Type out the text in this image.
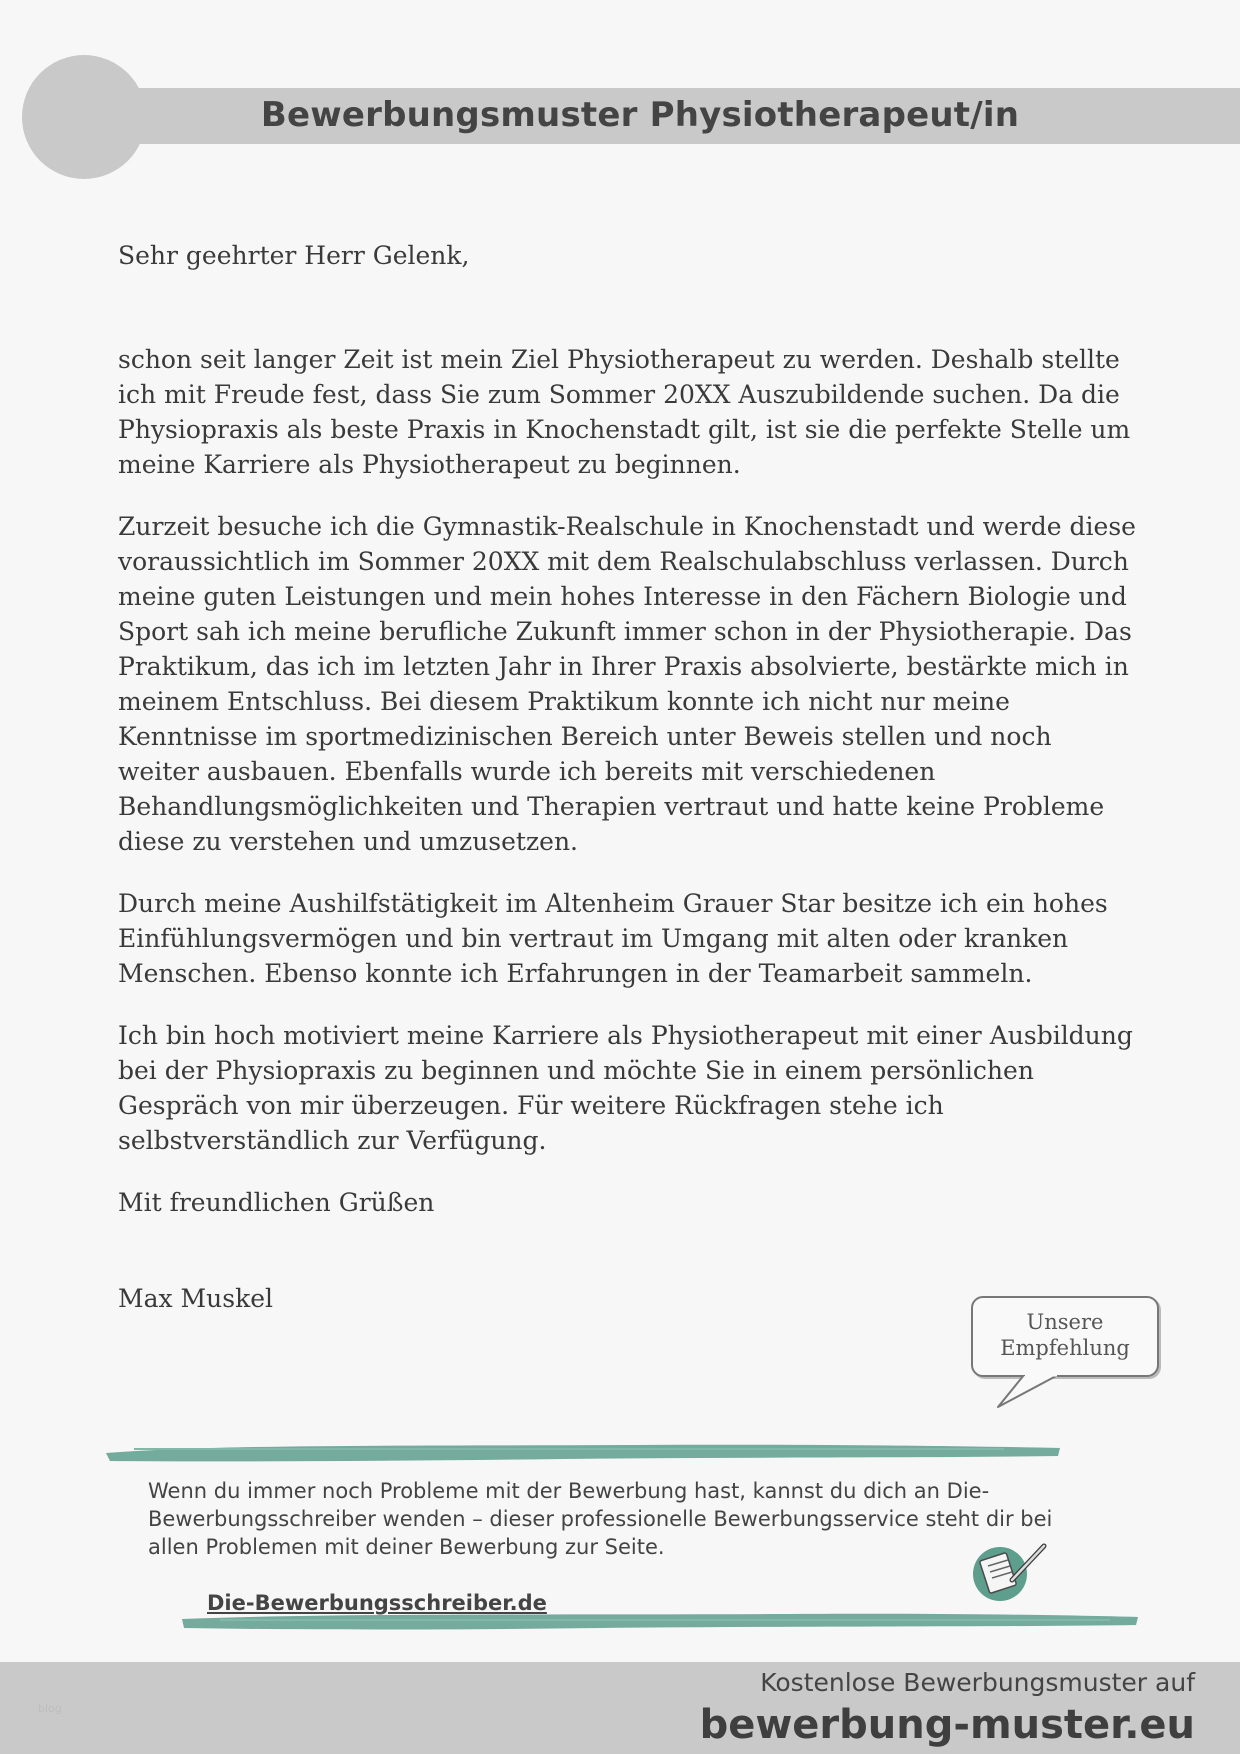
Bewerbungsmuster Physiotherapeut/in

Sehr geehrter Herr Gelenk,

schon seit langer Zeit ist mein Ziel Physiotherapeut zu werden. Deshalb stellte ich mit Freude fest, dass Sie zum Sommer 20XX Auszubildende suchen. Da die Physiopraxis als beste Praxis in Knochenstadt gilt, ist sie die perfekte Stelle um meine Karriere als Physiotherapeut zu beginnen.

Zurzeit besuche ich die Gymnastik-Realschule in Knochenstadt und werde diese voraussichtlich im Sommer 20XX mit dem Realschulabschluss verlassen. Durch meine guten Leistungen und mein hohes Interesse in den Fächern Biologie und Sport sah ich meine berufliche Zukunft immer schon in der Physiotherapie. Das Praktikum, das ich im letzten Jahr in Ihrer Praxis absolvierte, bestärkte mich in meinem Entschluss. Bei diesem Praktikum konnte ich nicht nur meine Kenntnisse im sportmedizinischen Bereich unter Beweis stellen und noch weiter ausbauen. Ebenfalls wurde ich bereits mit verschiedenen Behandlungsmöglichkeiten und Therapien vertraut und hatte keine Probleme diese zu verstehen und umzusetzen.

Durch meine Aushilfstätigkeit im Altenheim Grauer Star besitze ich ein hohes Einfühlungsvermögen und bin vertraut im Umgang mit alten oder kranken Menschen. Ebenso konnte ich Erfahrungen in der Teamarbeit sammeln.

Ich bin hoch motiviert meine Karriere als Physiotherapeut mit einer Ausbildung bei der Physiopraxis zu beginnen und möchte Sie in einem persönlichen Gespräch von mir überzeugen. Für weitere Rückfragen stehe ich selbstverständlich zur Verfügung.

Mit freundlichen Grüßen

Max Muskel

Unsere
Empfehlung
Wenn du immer noch Probleme mit der Bewerbung hast, kannst du dich an Die-Bewerbungsschreiber wenden – dieser professionelle Bewerbungsservice steht dir bei allen Problemen mit deiner Bewerbung zur Seite.
Die-Bewerbungsschreiber.de
blog
Kostenlose Bewerbungsmuster auf
bewerbung-muster.eu
